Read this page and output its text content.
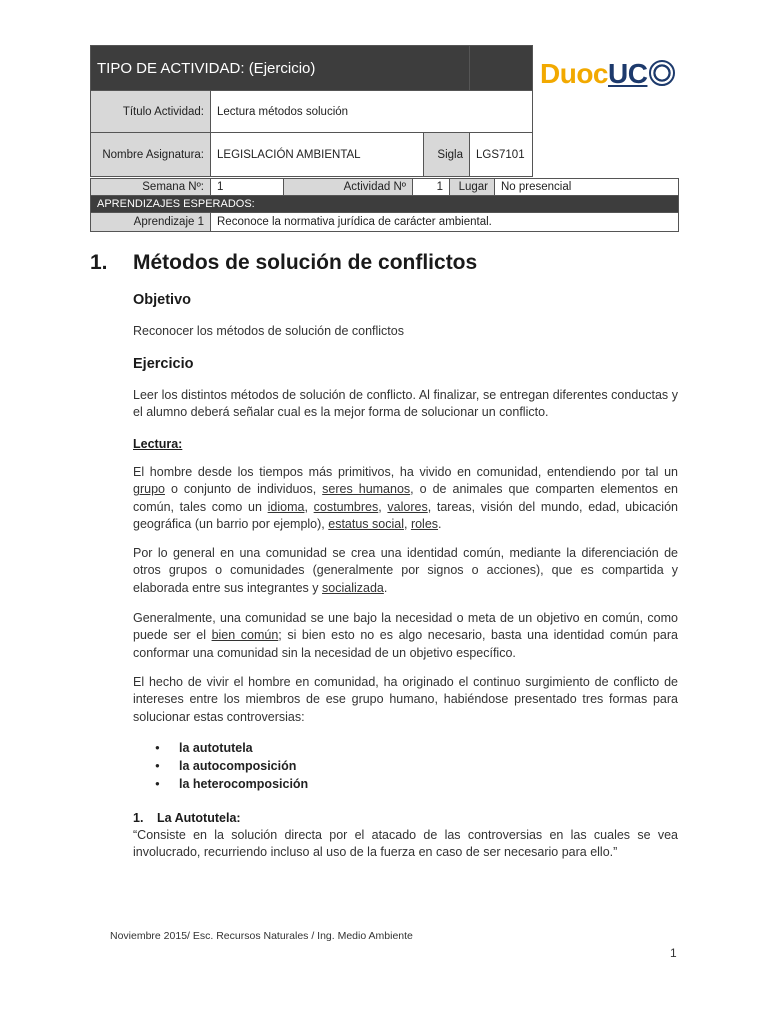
TIPO DE ACTIVIDAD: (Ejercicio)				
Título Actividad:	Lectura métodos solución			
Nombre Asignatura:	LEGISLACIÓN AMBIENTAL	Sigla	LGS7101	
Semana Nº:	1	Actividad Nº	1	Lugar	No presencial
APRENDIZAJES ESPERADOS:					
Aprendizaje 1	Reconoce la normativa jurídica de carácter ambiental.				
DuocUC
1. Métodos de solución de conflictos
Objetivo
Reconocer los métodos de solución de conflictos
Ejercicio
Leer los distintos métodos de solución de conflicto. Al finalizar, se entregan diferentes conductas y el alumno deberá señalar cual es la mejor forma de solucionar un conflicto.
Lectura:
El hombre desde los tiempos más primitivos, ha vivido en comunidad, entendiendo por tal un grupo o conjunto de individuos, seres humanos, o de animales que comparten elementos en común, tales como un idioma, costumbres, valores, tareas, visión del mundo, edad, ubicación geográfica (un barrio por ejemplo), estatus social, roles.
Por lo general en una comunidad se crea una identidad común, mediante la diferenciación de otros grupos o comunidades (generalmente por signos o acciones), que es compartida y elaborada entre sus integrantes y socializada.
Generalmente, una comunidad se une bajo la necesidad o meta de un objetivo en común, como puede ser el bien común; si bien esto no es algo necesario, basta una identidad común para conformar una comunidad sin la necesidad de un objetivo específico.
El hecho de vivir el hombre en comunidad, ha originado el continuo surgimiento de conflicto de intereses entre los miembros de ese grupo humano, habiéndose presentado tres formas para solucionar estas controversias:
● la autotutela
● la autocomposición
● la heterocomposición
1. La Autotutela:
“Consiste en la solución directa por el atacado de las controversias en las cuales se vea involucrado, recurriendo incluso al uso de la fuerza en caso de ser necesario para ello.”
Noviembre 2015/ Esc. Recursos Naturales / Ing. Medio Ambiente
1
